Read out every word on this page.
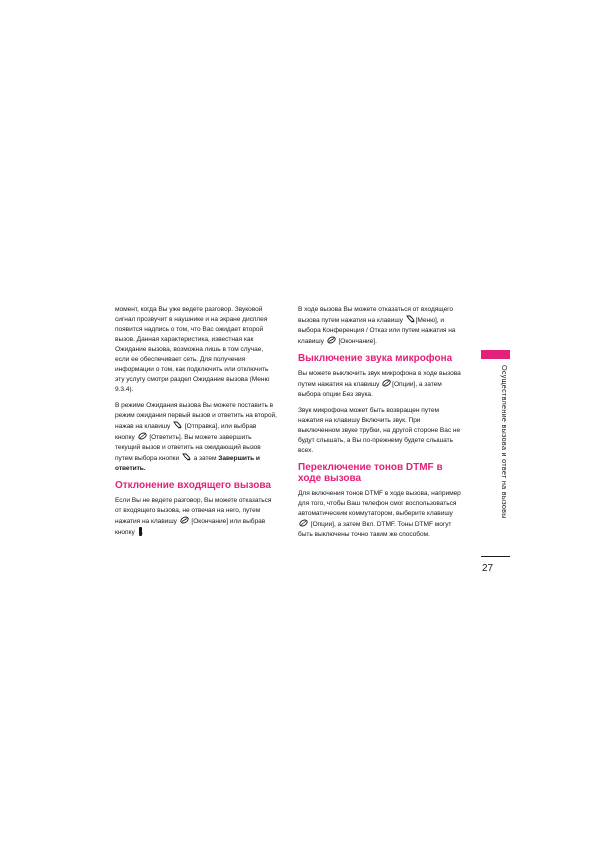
момент, когда Вы уже ведете разговор. Звуковой сигнал прозвучит в наушнике и на экране дисплея появится надпись о том, что Вас ожидает второй вызов. Данная характеристика, известная как Ожидание вызова, возможна лишь в том случае, если ее обеспечивает сеть. Для получения информации о том, как подключить или отключить эту услугу смотри раздел Ожидание вызова (Меню 9.3.4).

В режиме Ожидания вызова Вы можете поставить в режим ожидания первый вызов и ответить на второй, нажав на клавишу
[Отправка], или выбрав кнопку
[Ответить]. Вы можете завершить текущий вызов и ответить на ожидающий вызов путем выбора кнопки
а затем Завершить и ответить.

Отклонение входящего вызова

Если Вы не ведете разговор, Вы можете отказаться от входящего вызова, не отвечая на него, путем нажатия на клавишу
[Окончание] или выбрав кнопку .

В ходе вызова Вы можете отказаться от входящего вызова путем нажатия на клавишу
[Меню], и выбора Конференция / Отказ или путем нажатия на клавишу
[Окончание].

Выключение звука микрофона

Вы можете выключить звук микрофона в ходе вызова путем нажатия на клавишу
[Опции], а затем выбора опции Без звука.

Звук микрофона может быть возвращен путем нажатия на клавишу Включить звук. При выключенном звуке трубки, на другой стороне Вас не будут слышать, а Вы по-прежнему будете слышать всех.

Переключение тонов DTMF в ходе вызова

Для включения тонов DTMF в ходе вызова, например для того, чтобы Ваш телефон смог воспользоваться автоматическим коммутатором, выберите клавишу
[Опции], а затем Вкл. DTMF. Тоны DTMF могут быть выключены точно таким же способом.

Осуществление вызова и ответ на вызовы
27
